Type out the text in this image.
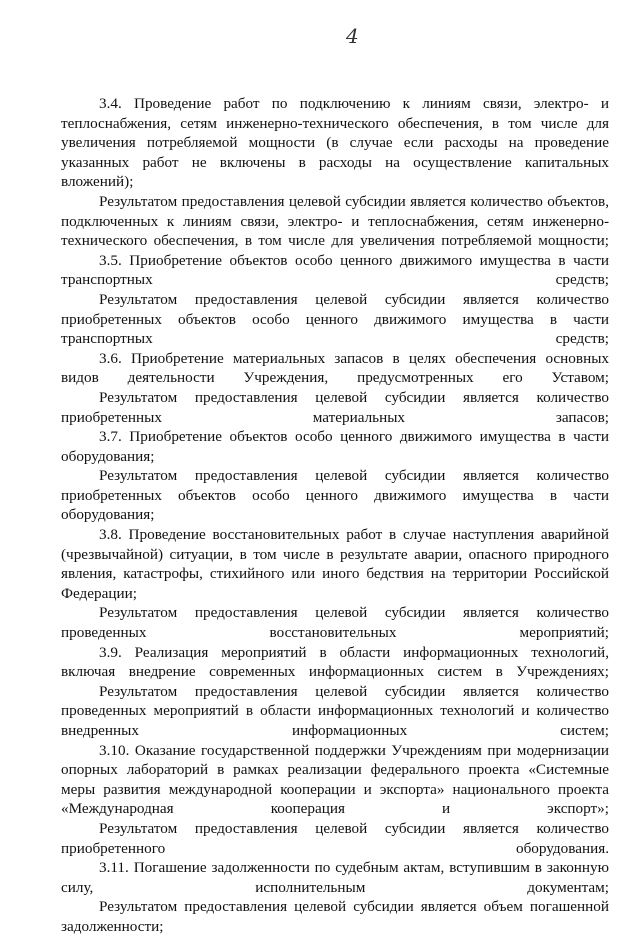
4

3.4. Проведение работ по подключению к линиям связи, электро- и теплоснабжения, сетям инженерно-технического обеспечения, в том числе для увеличения потребляемой мощности (в случае если расходы на проведение указанных работ не включены в расходы на осуществление капитальных вложений);

Результатом предоставления целевой субсидии является количество объектов, подключенных к линиям связи, электро- и теплоснабжения, сетям инженерно-технического обеспечения, в том числе для увеличения потребляемой мощности;

3.5. Приобретение объектов особо ценного движимого имущества в части транспортных средств;

Результатом предоставления целевой субсидии является количество приобретенных объектов особо ценного движимого имущества в части транспортных средств;

3.6. Приобретение материальных запасов в целях обеспечения основных видов деятельности Учреждения, предусмотренных его Уставом;

Результатом предоставления целевой субсидии является количество приобретенных материальных запасов;

3.7. Приобретение объектов особо ценного движимого имущества в части оборудования;

Результатом предоставления целевой субсидии является количество приобретенных объектов особо ценного движимого имущества в части оборудования;

3.8. Проведение восстановительных работ в случае наступления аварийной (чрезвычайной) ситуации, в том числе в результате аварии, опасного природного явления, катастрофы, стихийного или иного бедствия на территории Российской Федерации;

Результатом предоставления целевой субсидии является количество проведенных восстановительных мероприятий;

3.9. Реализация мероприятий в области информационных технологий, включая внедрение современных информационных систем в Учреждениях;

Результатом предоставления целевой субсидии является количество проведенных мероприятий в области информационных технологий и количество внедренных информационных систем;

3.10. Оказание государственной поддержки Учреждениям при модернизации опорных лабораторий в рамках реализации федерального проекта «Системные меры развития международной кооперации и экспорта» национального проекта «Международная кооперация и экспорт»;

Результатом предоставления целевой субсидии является количество приобретенного оборудования.

3.11. Погашение задолженности по судебным актам, вступившим в законную силу, исполнительным документам;

Результатом предоставления целевой субсидии является объем погашенной задолженности;
